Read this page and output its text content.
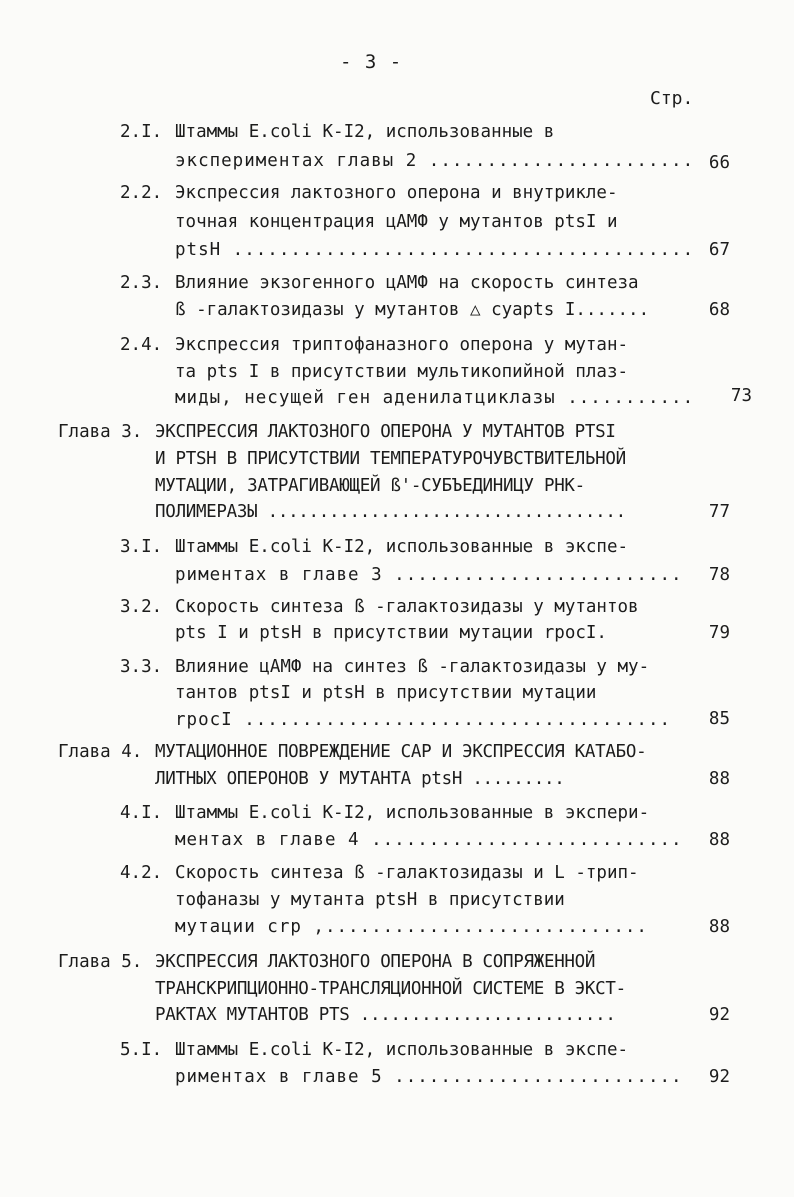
- 3 -
Стр.
2.I. Штаммы E.coli K-I2, использованные в
экспериментах главы 2 ....................... 66
2.2. Экспрессия лактозного оперона и внутрикле-
точная концентрация цАМФ у мутантов ptsI и
ptsH ........................................ 67
2.3. Влияние экзогенного цАМФ на скорость синтеза
ß -галактозидазы у мутантов △ cyapts I.......	68
2.4. Экспрессия триптофаназного оперона у мутан-
та pts I в присутствии мультикопийной плаз-
миды, несущей ген аденилатциклазы ...........	73
Глава 3. ЭКСПРЕССИЯ ЛАКТОЗНОГО ОПЕРОНА У МУТАНТОВ PTSI
И PTSH В ПРИСУТСТВИИ ТЕМПЕРАТУРОЧУВСТВИТЕЛЬНОЙ
МУТАЦИИ, ЗАТРАГИВАЮЩЕЙ ß'-СУБЪЕДИНИЦУ РНК-
ПОЛИМЕРАЗЫ ...................................	77
3.I. Штаммы E.coli K-I2, использованные в экспе-
риментах в главе 3 .........................	78
3.2. Скорость синтеза ß -галактозидазы у мутантов
pts I и ptsH в присутствии мутации rpocI.	79
3.3. Влияние цАМФ на синтез ß -галактозидазы у му-
тантов ptsI и ptsH в присутствии мутации
rpocI .....................................	85
Глава 4. МУТАЦИОННОЕ ПОВРЕЖДЕНИЕ САР И ЭКСПРЕССИЯ КАТАБО-
ЛИТНЫХ ОПЕРОНОВ У МУТАНТА ptsH .........	88
4.I. Штаммы E.coli K-I2, использованные в экспери-
ментах в главе 4 ...........................	88
4.2. Скорость синтеза ß -галактозидазы и L -трип-
тофаназы у мутанта ptsH в присутствии
мутации crp ,............................	88
Глава 5. ЭКСПРЕССИЯ ЛАКТОЗНОГО ОПЕРОНА В СОПРЯЖЕННОЙ
ТРАНСКРИПЦИОННО-ТРАНСЛЯЦИОННОЙ СИСТЕМЕ В ЭКСТ-
РАКТАХ МУТАНТОВ PTS .........................	92
5.I. Штаммы E.coli K-I2, использованные в экспе-
риментах в главе 5 .........................	92
